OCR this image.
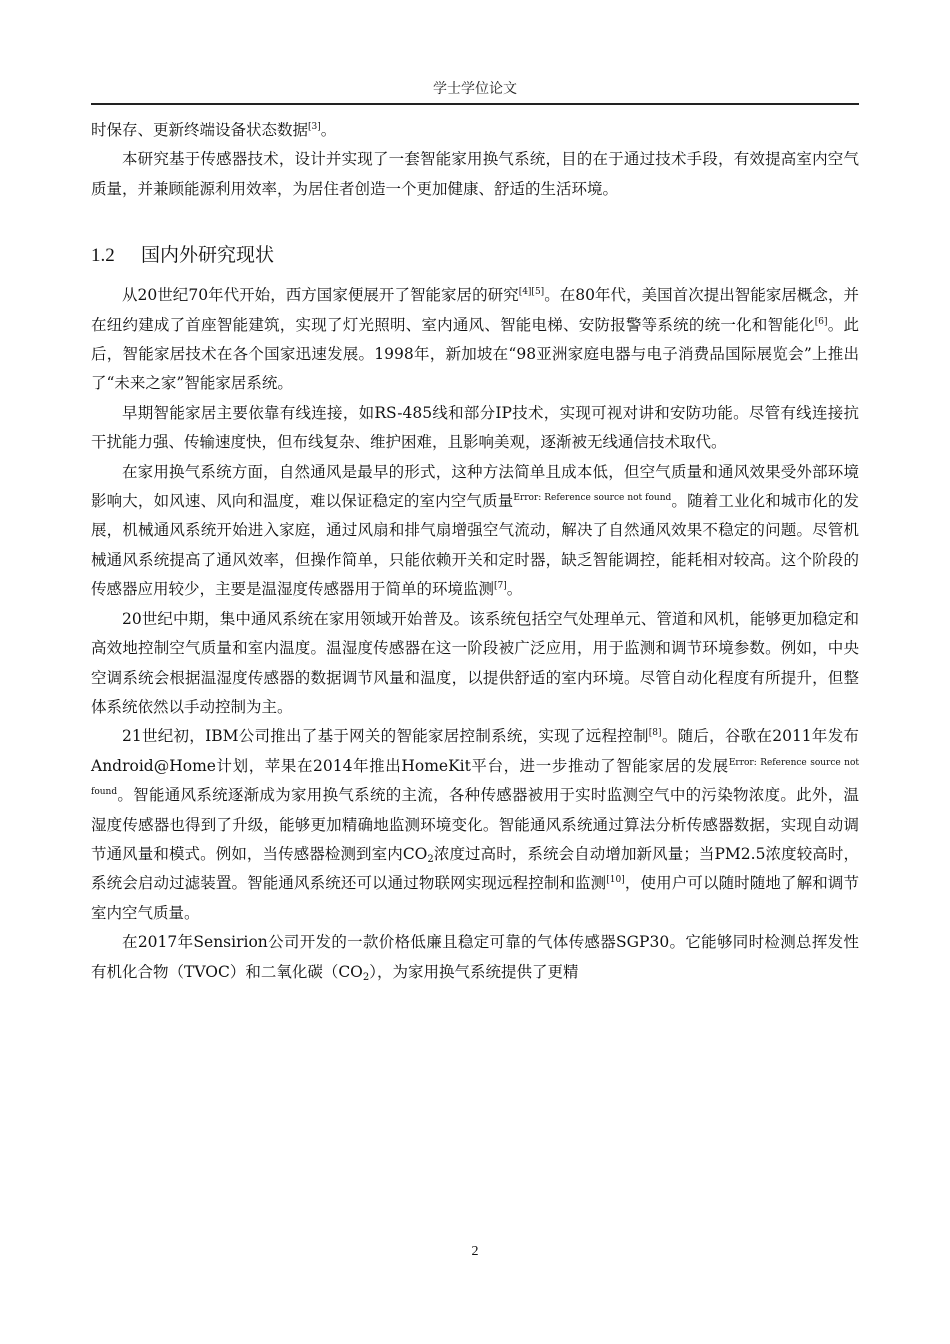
学士学位论文

时保存、更新终端设备状态数据[3]。

本研究基于传感器技术，设计并实现了一套智能家用换气系统，目的在于通过技术手段，有效提高室内空气质量，并兼顾能源利用效率，为居住者创造一个更加健康、舒适的生活环境。

1.2 国内外研究现状

从20世纪70年代开始，西方国家便展开了智能家居的研究[4][5]。在80年代，美国首次提出智能家居概念，并在纽约建成了首座智能建筑，实现了灯光照明、室内通风、智能电梯、安防报警等系统的统一化和智能化[6]。此后，智能家居技术在各个国家迅速发展。1998年，新加坡在“98亚洲家庭电器与电子消费品国际展览会”上推出了“未来之家”智能家居系统。

早期智能家居主要依靠有线连接，如RS-485线和部分IP技术，实现可视对讲和安防功能。尽管有线连接抗干扰能力强、传输速度快，但布线复杂、维护困难，且影响美观，逐渐被无线通信技术取代。

在家用换气系统方面，自然通风是最早的形式，这种方法简单且成本低，但空气质量和通风效果受外部环境影响大，如风速、风向和温度，难以保证稳定的室内空气质量$^{Error: Reference source not found}$。随着工业化和城市化的发展，机械通风系统开始进入家庭，通过风扇和排气扇增强空气流动，解决了自然通风效果不稳定的问题。尽管机械通风系统提高了通风效率，但操作简单，只能依赖开关和定时器，缺乏智能调控，能耗相对较高。这个阶段的传感器应用较少，主要是温湿度传感器用于简单的环境监测[7]。

20世纪中期，集中通风系统在家用领域开始普及。该系统包括空气处理单元、管道和风机，能够更加稳定和高效地控制空气质量和室内温度。温湿度传感器在这一阶段被广泛应用，用于监测和调节环境参数。例如，中央空调系统会根据温湿度传感器的数据调节风量和温度，以提供舒适的室内环境。尽管自动化程度有所提升，但整体系统依然以手动控制为主。

21世纪初，IBM公司推出了基于网关的智能家居控制系统，实现了远程控制[8]。随后，谷歌在2011年发布Android@Home计划，苹果在2014年推出HomeKit平台，进一步推动了智能家居的发展$^{Error: Reference source not found}$。智能通风系统逐渐成为家用换气系统的主流，各种传感器被用于实时监测空气中的污染物浓度。此外，温湿度传感器也得到了升级，能够更加精确地监测环境变化。智能通风系统通过算法分析传感器数据，实现自动调节通风量和模式。例如，当传感器检测到室内$CO_2$浓度过高时，系统会自动增加新风量；当PM2.5浓度较高时，系统会启动过滤装置。智能通风系统还可以通过物联网实现远程控制和监测[10]，使用户可以随时随地了解和调节室内空气质量。

在2017年Sensirion公司开发的一款价格低廉且稳定可靠的气体传感器SGP30。它能够同时检测总挥发性有机化合物（TVOC）和二氧化碳$(CO_2)$，为家用换气系统提供了更精

2
